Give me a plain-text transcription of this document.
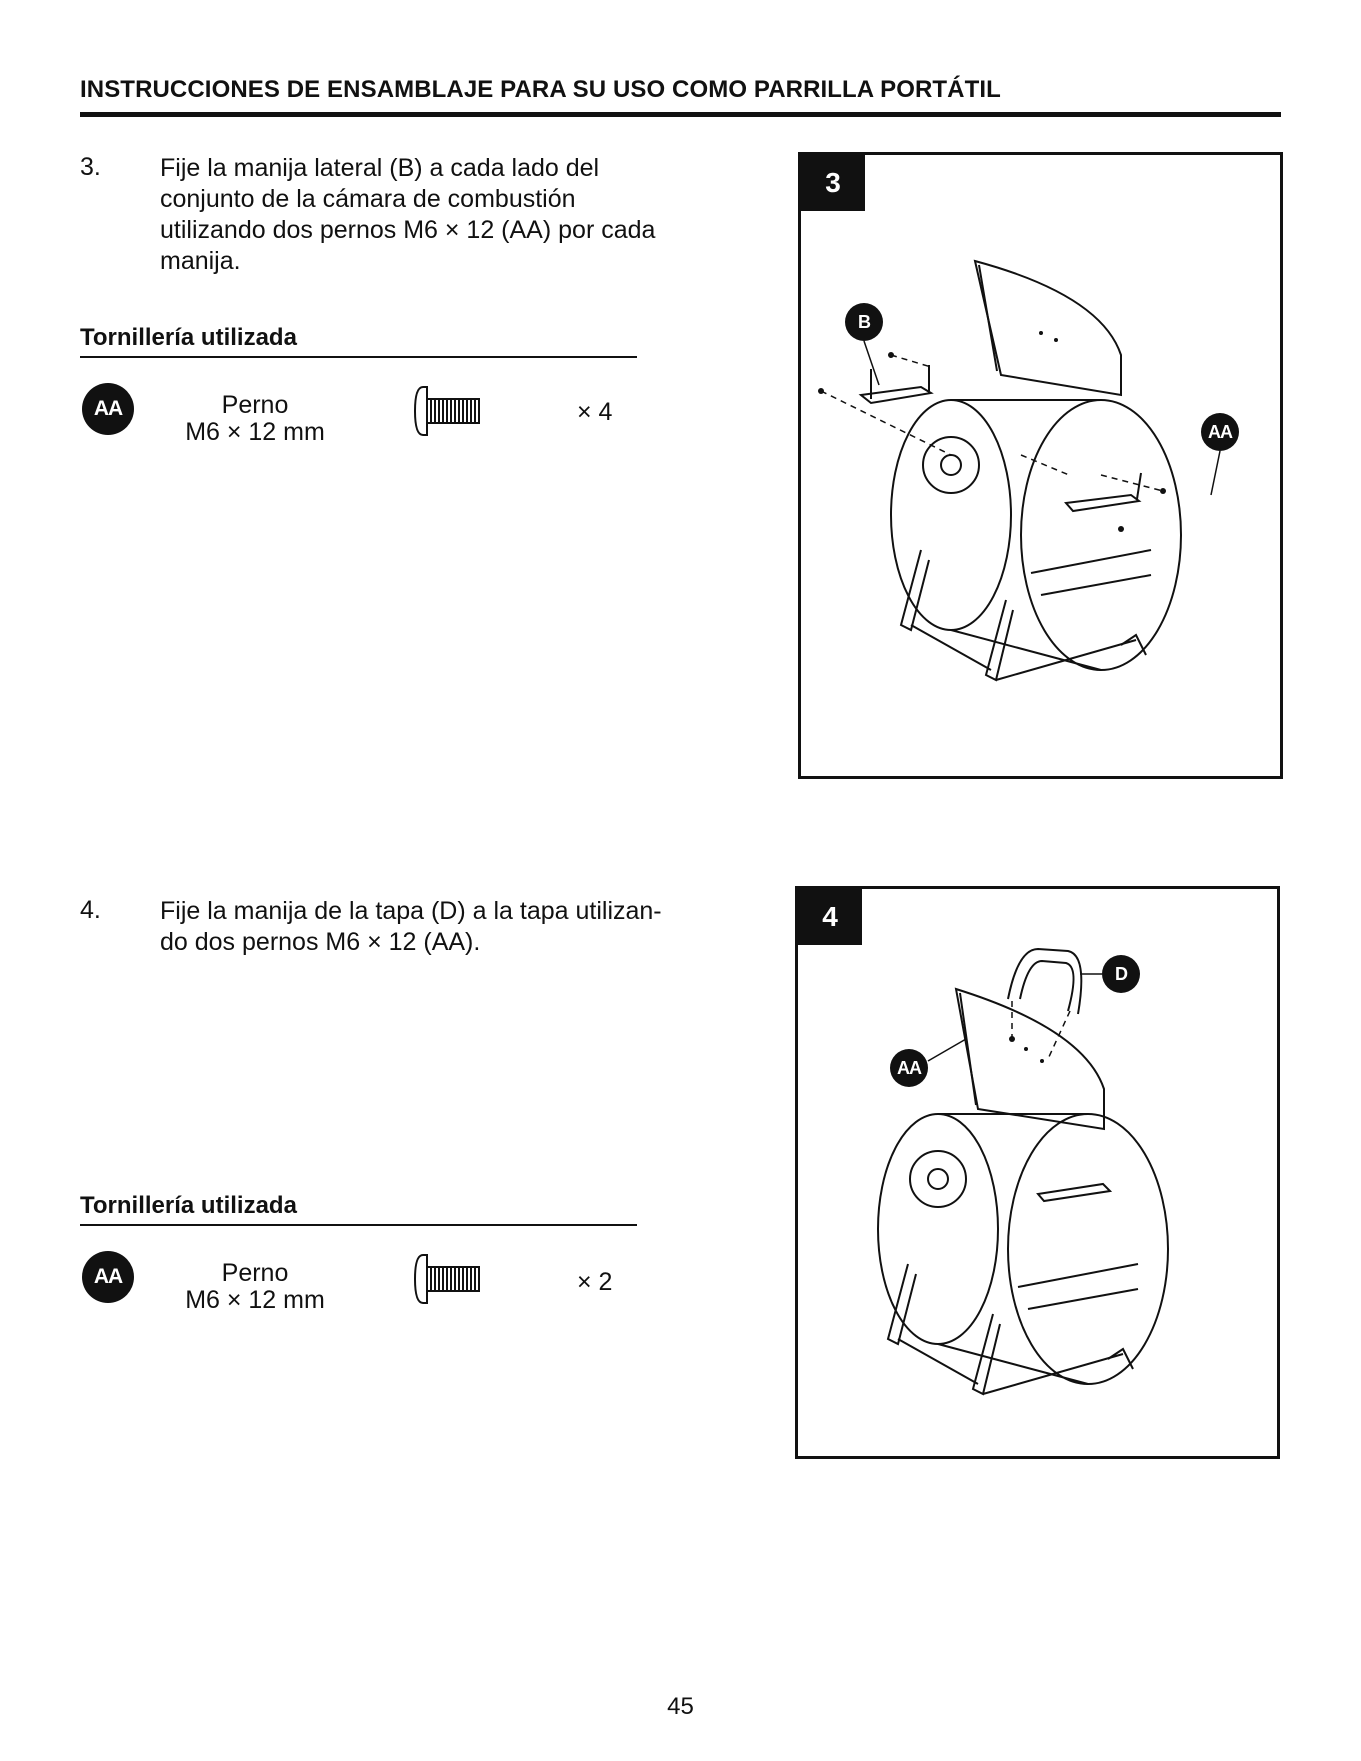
INSTRUCCIONES DE ENSAMBLAJE PARA SU USO COMO PARRILLA PORTÁTIL
3. Fije la manija lateral (B) a cada lado del
conjunto de la cámara de combustión
utilizando dos pernos M6 × 12 (AA) por cada
manija.
Tornillería utilizada
AA	Perno
M6 × 12 mm
× 4
3
B
AA
4. Fije la manija de la tapa (D) a la tapa utilizan-
do dos pernos M6 × 12 (AA).
Tornillería utilizada
AA	Perno
M6 × 12 mm
× 2
4
D
AA
45
